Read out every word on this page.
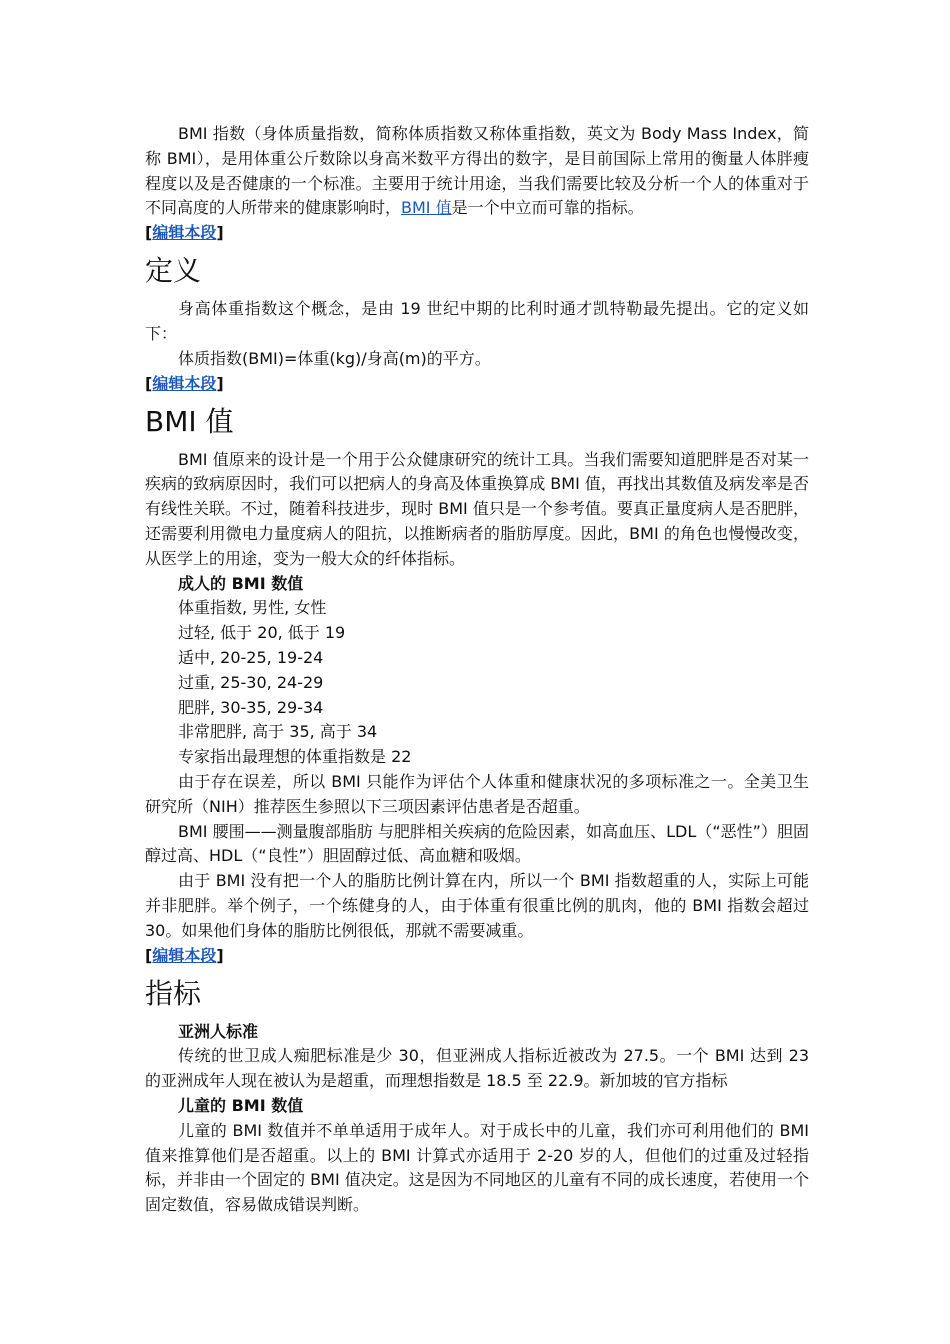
BMI 指数（身体质量指数，简称体质指数又称体重指数，英文为 Body Mass Index，简称 BMI），是用体重公斤数除以身高米数平方得出的数字，是目前国际上常用的衡量人体胖瘦程度以及是否健康的一个标准。主要用于统计用途，当我们需要比较及分析一个人的体重对于不同高度的人所带来的健康影响时，BMI 值是一个中立而可靠的指标。

[编辑本段]
定义

身高体重指数这个概念，是由 19 世纪中期的比利时通才凯特勒最先提出。它的定义如下：

体质指数(BMI)=体重(kg)/身高(m)的平方。

[编辑本段]
BMI 值

BMI 值原来的设计是一个用于公众健康研究的统计工具。当我们需要知道肥胖是否对某一疾病的致病原因时，我们可以把病人的身高及体重换算成 BMI 值，再找出其数值及病发率是否有线性关联。不过，随着科技进步，现时 BMI 值只是一个参考值。要真正量度病人是否肥胖，还需要利用微电力量度病人的阻抗，以推断病者的脂肪厚度。因此，BMI 的角色也慢慢改变，从医学上的用途，变为一般大众的纤体指标。

成人的 BMI 数值

体重指数, 男性, 女性

过轻, 低于 20, 低于 19

适中, 20-25, 19-24

过重, 25-30, 24-29

肥胖, 30-35, 29-34

非常肥胖, 高于 35, 高于 34

专家指出最理想的体重指数是 22

由于存在误差，所以 BMI 只能作为评估个人体重和健康状况的多项标准之一。全美卫生研究所（NIH）推荐医生参照以下三项因素评估患者是否超重。

BMI 腰围——测量腹部脂肪 与肥胖相关疾病的危险因素，如高血压、LDL（“恶性”）胆固醇过高、HDL（“良性”）胆固醇过低、高血糖和吸烟。

由于 BMI 没有把一个人的脂肪比例计算在内，所以一个 BMI 指数超重的人，实际上可能并非肥胖。举个例子，一个练健身的人，由于体重有很重比例的肌肉，他的 BMI 指数会超过 30。如果他们身体的脂肪比例很低，那就不需要减重。

[编辑本段]
指标

亚洲人标准

传统的世卫成人痴肥标准是少 30，但亚洲成人指标近被改为 27.5。一个 BMI 达到 23 的亚洲成年人现在被认为是超重，而理想指数是 18.5 至 22.9。新加坡的官方指标

儿童的 BMI 数值

儿童的 BMI 数值并不单单适用于成年人。对于成长中的儿童，我们亦可利用他们的 BMI 值来推算他们是否超重。以上的 BMI 计算式亦适用于 2-20 岁的人，但他们的过重及过轻指标，并非由一个固定的 BMI 值决定。这是因为不同地区的儿童有不同的成长速度，若使用一个固定数值，容易做成错误判断。
